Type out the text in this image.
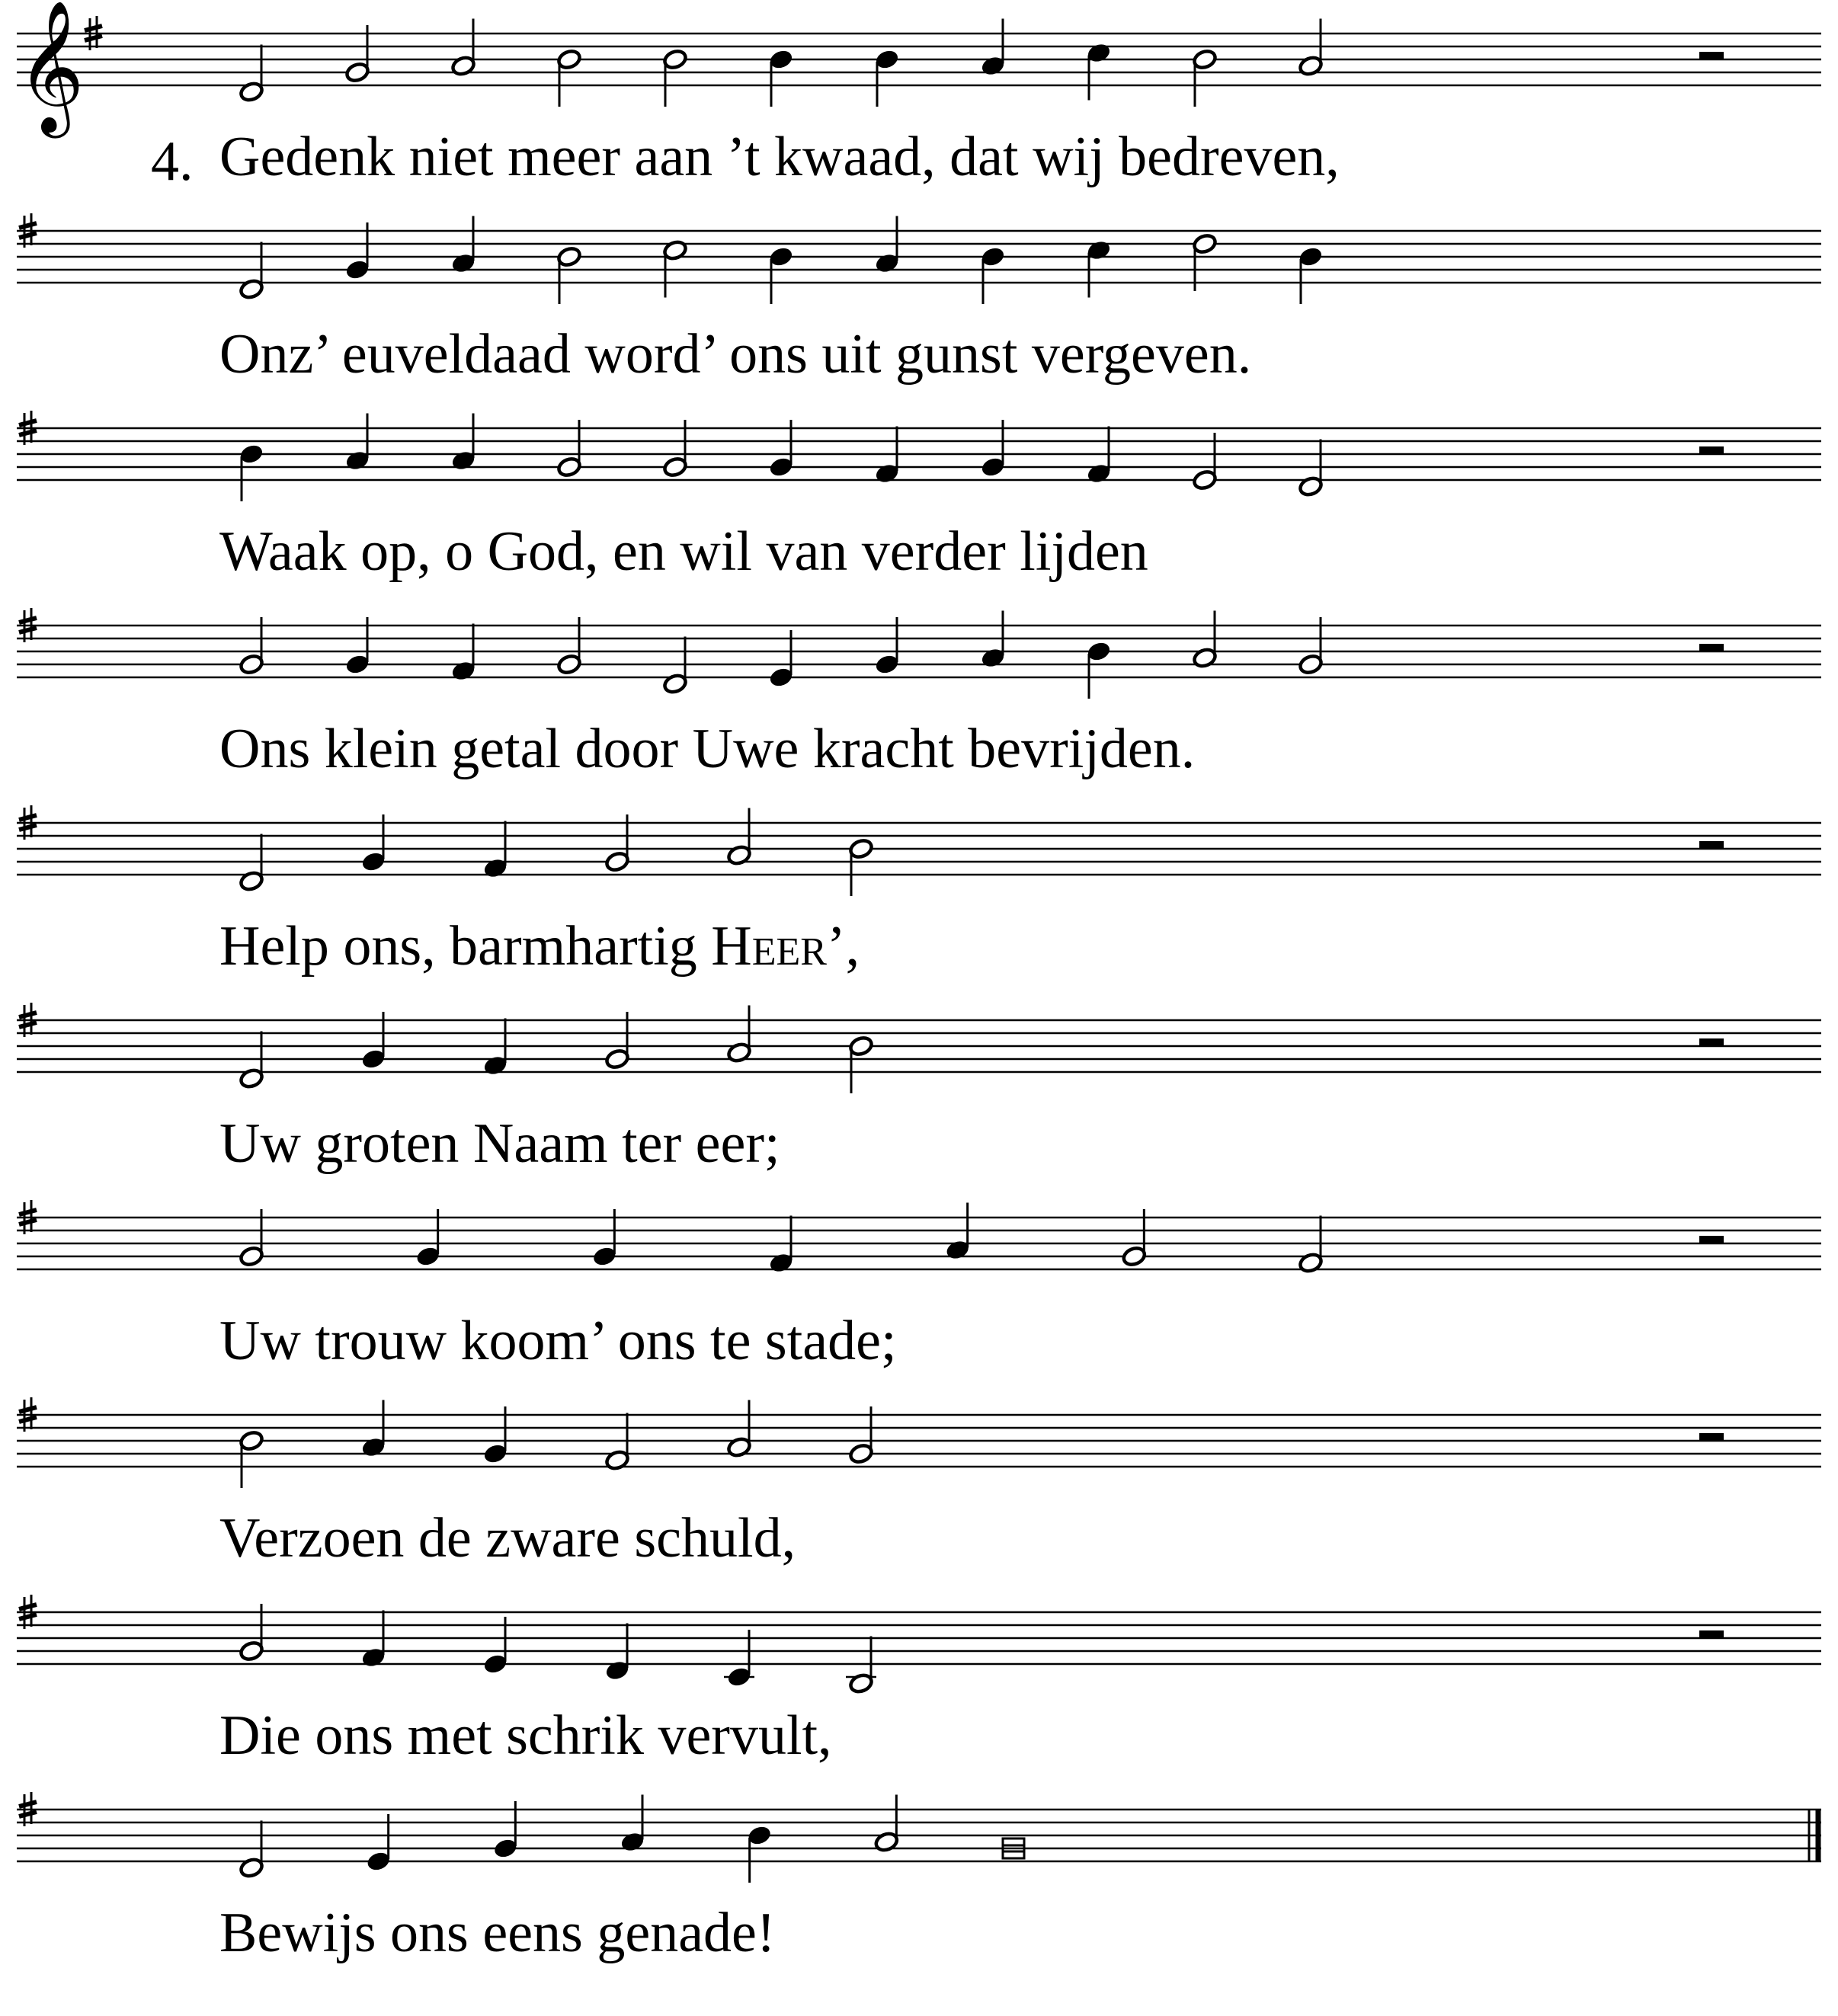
𝄞
Gedenk niet meer aan ’t kwaad, dat wij bedreven,
4.
Onz’ euveldaad word’ ons uit gunst vergeven.
Waak op, o God, en wil van verder lijden
Ons klein getal door Uwe kracht bevrijden.
Help ons, barmhartig Heer’,
Uw groten Naam ter eer;
Uw trouw koom’ ons te stade;
Verzoen de zware schuld,
Die ons met schrik vervult,
Bewijs ons eens genade!
